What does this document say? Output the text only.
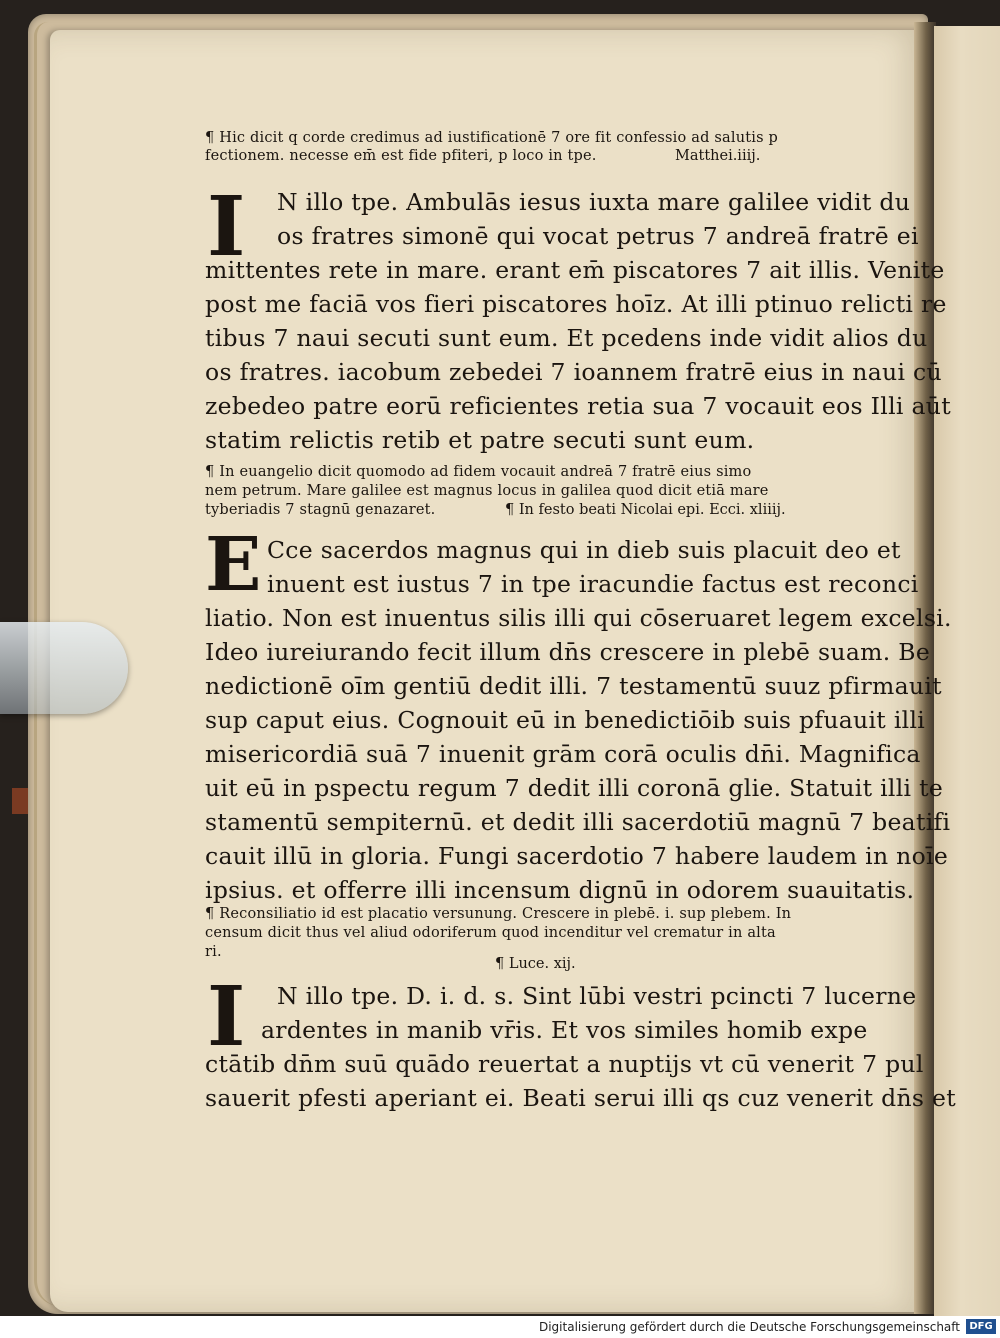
¶ Hic dicit q corde credimus ad iustificationē 7 ore fit confessio ad salutis p
fectionem. necesse em̄ est fide pfiteri, p loco in tpe.	Matthei.iiij.
I N illo tpe. Ambulās iesus iuxta mare galilee vidit du
os fratres simonē qui vocat petrus 7 andreā fratrē ei
mittentes rete in mare. erant em̄ piscatores 7 ait illis. Venite
post me faciā vos fieri piscatores hoīz. At illi ptinuo relicti re
tibus 7 naui secuti sunt eum. Et pcedens inde vidit alios du
os fratres. iacobum zebedei 7 ioannem fratrē eius in naui cū
zebedeo patre eorū reficientes retia sua 7 vocauit eos Illi aūt
statim relictis retib et patre secuti sunt eum.
¶ In euangelio dicit quomodo ad fidem vocauit andreā 7 fratrē eius simo
nem petrum. Mare galilee est magnus locus in galilea quod dicit etiā mare
tyberiadis 7 stagnū genazaret.	¶ In festo beati Nicolai epi. Ecci. xliiij.
E Cce sacerdos magnus qui in dieb suis placuit deo et
inuent est iustus 7 in tpe iracundie factus est reconci
liatio. Non est inuentus silis illi qui cōseruaret legem excelsi.
Ideo iureiurando fecit illum dn̄s crescere in plebē suam. Be
nedictionē oīm gentiū dedit illi. 7 testamentū suuz pfirmauit
sup caput eius. Cognouit eū in benedictiōib suis pfuauit illi
misericordiā suā 7 inuenit grām corā oculis dn̄i. Magnifica
uit eū in pspectu regum 7 dedit illi coronā glie. Statuit illi te
stamentū sempiternū. et dedit illi sacerdotiū magnū 7 beatifi
cauit illū in gloria. Fungi sacerdotio 7 habere laudem in noīe
ipsius. et offerre illi incensum dignū in odorem suauitatis.
¶ Reconsiliatio id est placatio versunung. Crescere in plebē. i. sup plebem. In
censum dicit thus vel aliud odoriferum quod incenditur vel crematur in alta
ri.
¶ Luce. xij.
I N illo tpe. D. i. d. s. Sint lūbi vestri pcincti 7 lucerne
ardentes in manib vr̄is. Et vos similes homib expe
ctātib dn̄m suū quādo reuertat a nuptijs vt cū venerit 7 pul
sauerit pfesti aperiant ei. Beati serui illi qs cuz venerit dn̄s et
Digitalisierung gefördert durch die Deutsche Forschungsgemeinschaft DFG
